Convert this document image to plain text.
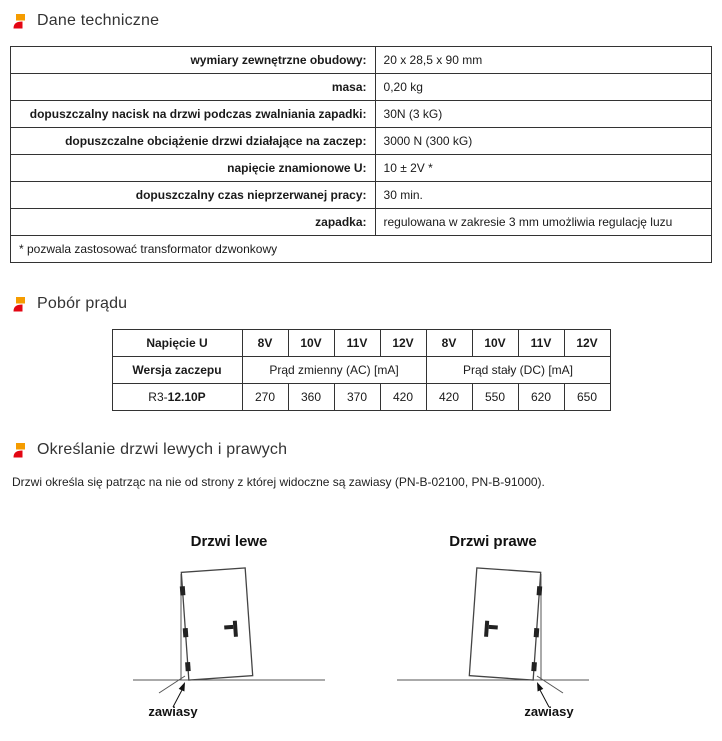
Dane techniczne
wymiary zewnętrzne obudowy:	20 x 28,5 x 90 mm
masa:	0,20 kg
dopuszczalny nacisk na drzwi podczas zwalniania zapadki:	30N (3 kG)
dopuszczalne obciążenie drzwi działające na zaczep:	3000 N (300 kG)
napięcie znamionowe U:	10 ± 2V *
dopuszczalny czas nieprzerwanej pracy:	30 min.
zapadka:	regulowana w zakresie 3 mm umożliwia regulację luzu
* pozwala zastosować transformator dzwonkowy	
Pobór prądu
Napięcie U	8V	10V	11V	12V	8V	10V	11V	12V
Wersja zaczepu	Prąd zmienny (AC) [mA]				Prąd stały (DC) [mA]			
R3-12.10P	270	360	370	420	420	550	620	650
Określanie drzwi lewych i prawych

Drzwi określa się patrząc na nie od strony z której widoczne są zawiasy (PN-B-02100, PN-B-91000).

Drzwi lewe
zawiasy
Drzwi prawe
zawiasy
